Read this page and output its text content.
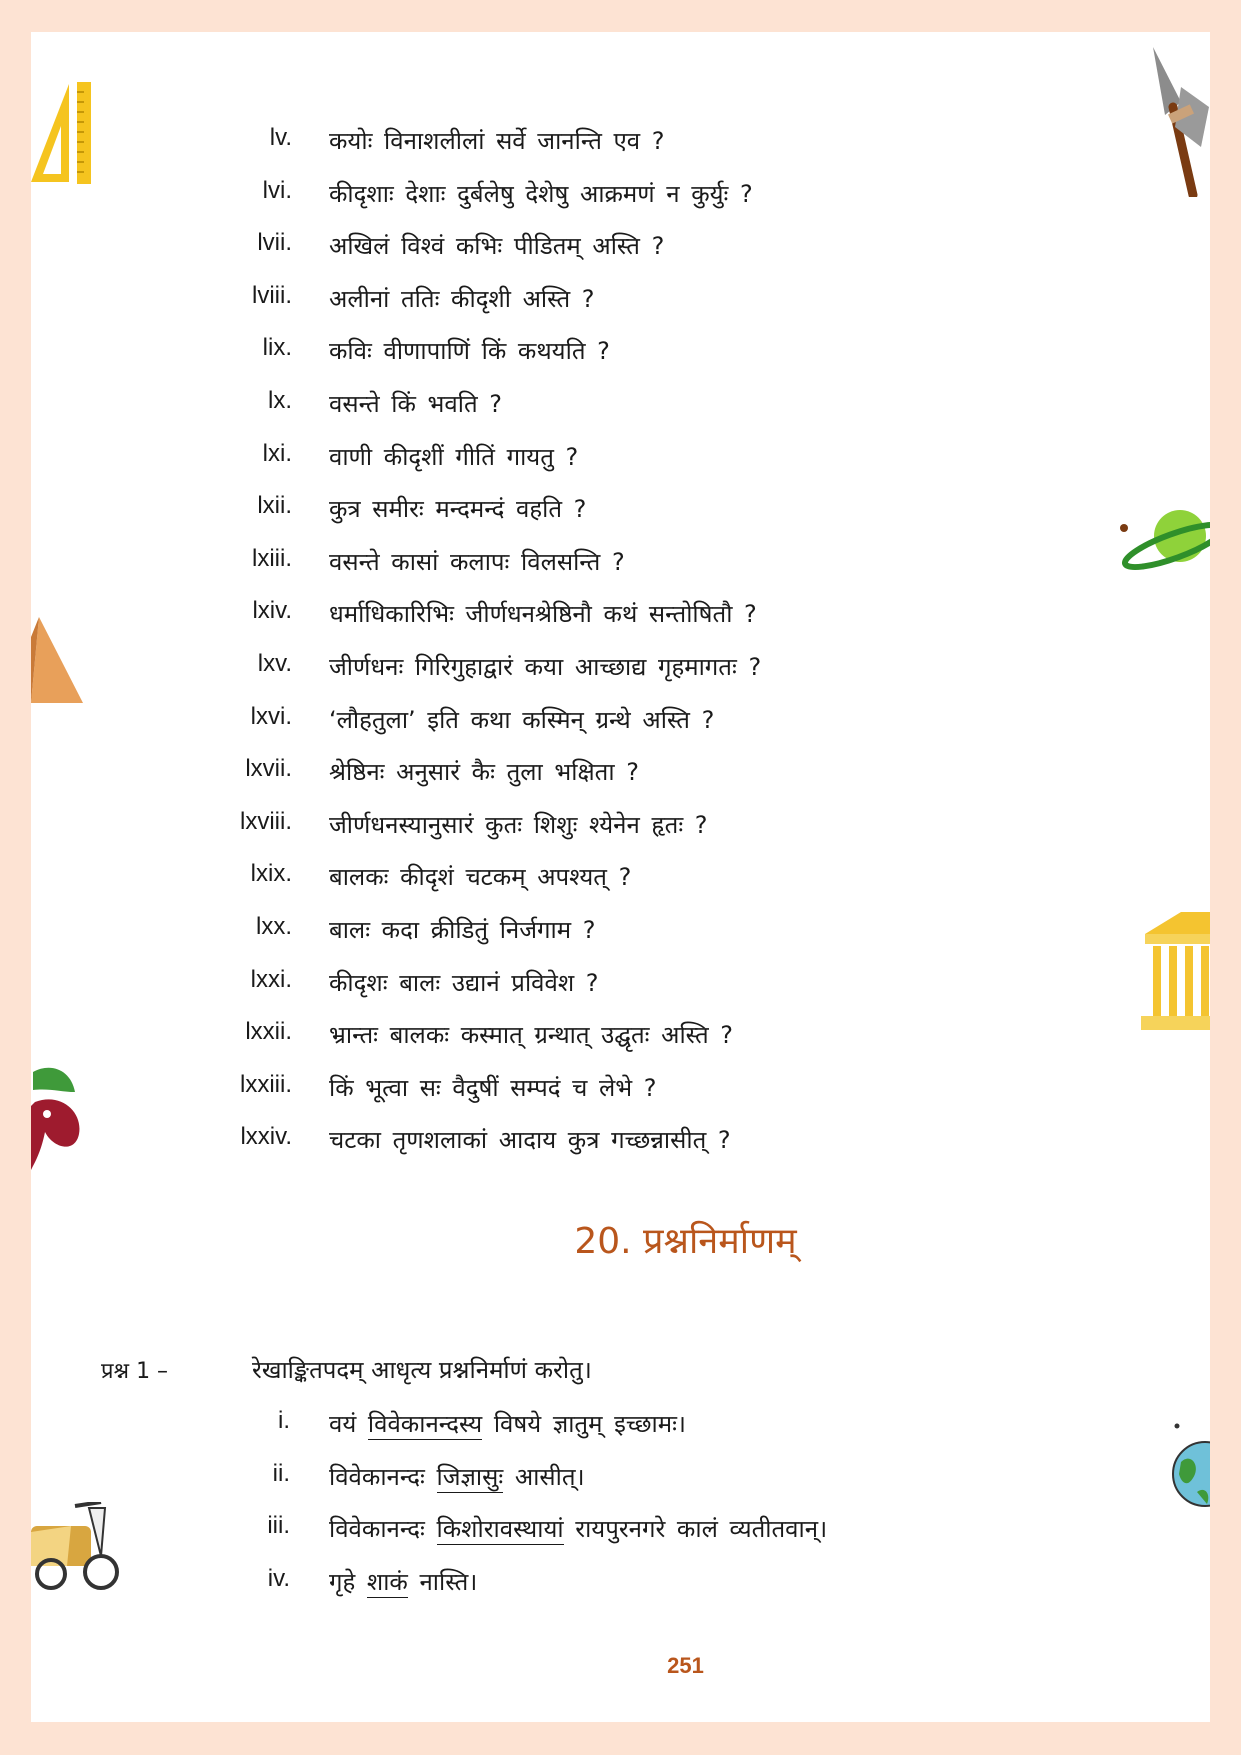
lv. कयोः विनाशलीलां सर्वे जानन्ति एव ?
lvi. कीदृशाः देशाः दुर्बलेषु देशेषु आक्रमणं न कुर्युः ?
lvii. अखिलं विश्वं कभिः पीडितम् अस्ति ?
lviii. अलीनां ततिः कीदृशी अस्ति ?
lix. कविः वीणापाणिं किं कथयति ?
lx. वसन्ते किं भवति ?
lxi. वाणी कीदृशीं गीतिं गायतु ?
lxii. कुत्र समीरः मन्दमन्दं वहति ?
lxiii. वसन्ते कासां कलापः विलसन्ति ?
lxiv. धर्माधिकारिभिः जीर्णधनश्रेष्ठिनौ कथं सन्तोषितौ ?
lxv. जीर्णधनः गिरिगुहाद्वारं कया आच्छाद्य गृहमागतः ?
lxvi. ‘लौहतुला’ इति कथा कस्मिन् ग्रन्थे अस्ति ?
lxvii. श्रेष्ठिनः अनुसारं कैः तुला भक्षिता ?
lxviii. जीर्णधनस्यानुसारं कुतः शिशुः श्येनेन हृतः ?
lxix. बालकः कीदृशं चटकम् अपश्यत् ?
lxx. बालः कदा क्रीडितुं निर्जगाम ?
lxxi. कीदृशः बालः उद्यानं प्रविवेश ?
lxxii. भ्रान्तः बालकः कस्मात् ग्रन्थात् उद्घृतः अस्ति ?
lxxiii. किं भूत्वा सः वैदुषीं सम्पदं च लेभे ?
lxxiv. चटका तृणशलाकां आदाय कुत्र गच्छन्नासीत् ?
20. प्रश्ननिर्माणम्
प्रश्न 1 –	रेखाङ्कितपदम् आधृत्य प्रश्ननिर्माणं करोतु।
i. वयं विवेकानन्दस्य विषये ज्ञातुम् इच्छामः।
ii. विवेकानन्दः जिज्ञासुः आसीत्।
iii. विवेकानन्दः किशोरावस्थायां रायपुरनगरे कालं व्यतीतवान्।
iv. गृहे शाकं नास्ति।
251
